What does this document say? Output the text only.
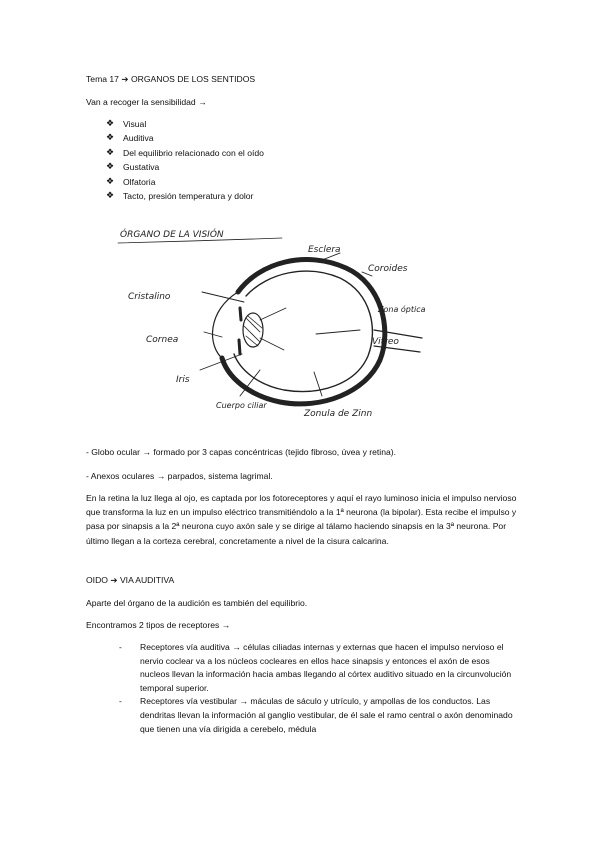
Tema 17 ➔ ORGANOS DE LOS SENTIDOS
Van a recoger la sensibilidad →
❖ Visual
❖ Auditiva
❖ Del equilibrio relacionado con el oído
❖ Gustativa
❖ Olfatoria
❖ Tacto, presión temperatura y dolor
ÓRGANO DE LA VISIÓN
Esclera
Coroides
Zona óptica
Cristalino
Cornea	Vitreo
Iris
Cuerpo ciliar
Zonula de Zinn
- Globo ocular → formado por 3 capas concéntricas (tejido fibroso, úvea y retina).
- Anexos oculares → parpados, sistema lagrimal.
En la retina la luz llega al ojo, es captada por los fotoreceptores y aquí el rayo luminoso inicia el impulso nervioso que transforma la luz en un impulso eléctrico transmitiéndolo a la 1ª neurona (la bipolar). Esta recibe el impulso y pasa por sinapsis a la 2ª neurona cuyo axón sale y se dirige al tálamo haciendo sinapsis en la 3ª neurona. Por último llegan a la corteza cerebral, concretamente a nivel de la cisura calcarina.
OIDO ➔ VIA AUDITIVA
Aparte del órgano de la audición es también del equilibrio.
Encontramos 2 tipos de receptores →
- Receptores vía auditiva → células ciliadas internas y externas que hacen el impulso nervioso el nervio coclear va a los núcleos cocleares en ellos hace sinapsis y entonces el axón de esos nucleos llevan la información hacia ambas llegando al córtex auditivo situado en la circunvolución temporal superior.
- Receptores vía vestibular → máculas de sáculo y utrículo, y ampollas de los conductos. Las dendritas llevan la información al ganglio vestibular, de él sale el ramo central o axón denominado que tienen una vía dirigida a cerebelo, médula
